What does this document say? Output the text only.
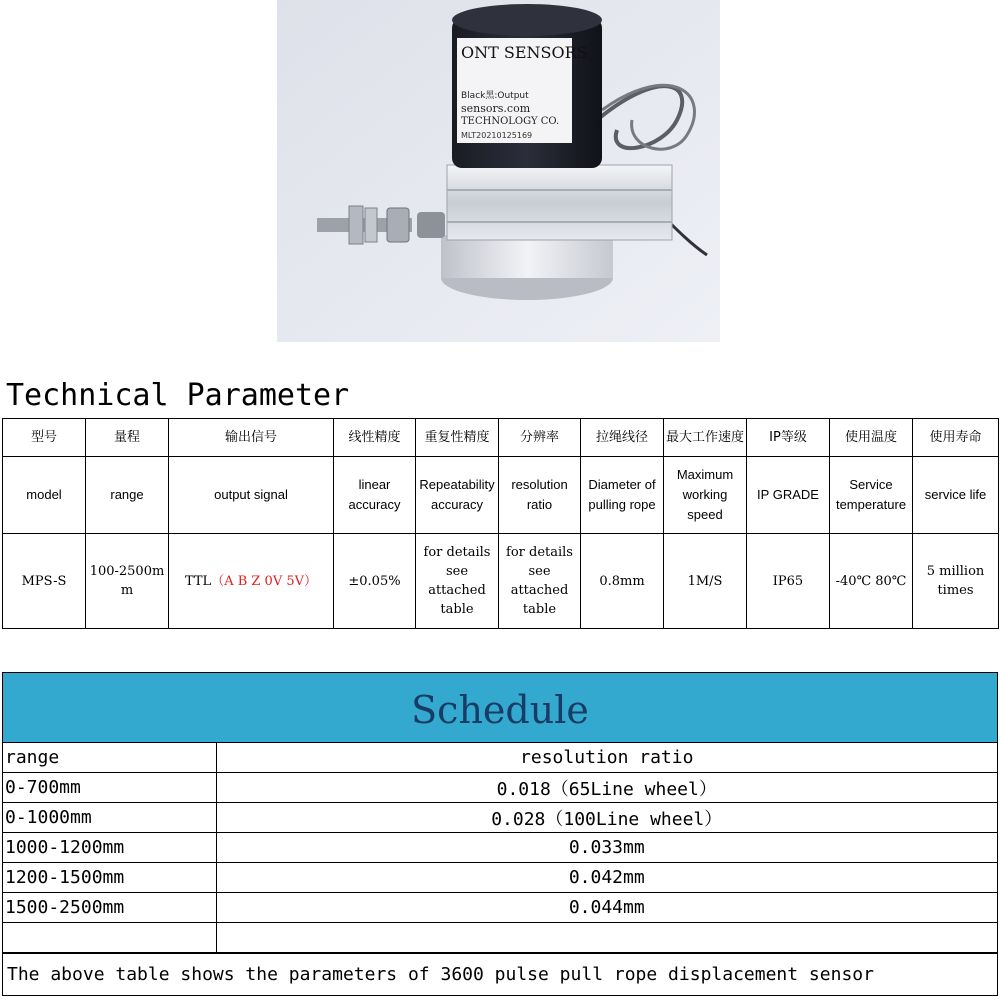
ONT SENSORS
Black黑:Output
sensors.com
TECHNOLOGY CO.
MLT20210125169
Technical Parameter
型号	量程	输出信号	线性精度	重复性精度	分辨率	拉绳线径	最大工作速度	IP等级	使用温度	使用寿命
model	range	output signal	linear accuracy	Repeatability accuracy	resolution ratio	Diameter of pulling rope	Maximum working speed	IP GRADE	Service temperature	service life
MPS-S	100-2500mm	TTL（A B Z 0V 5V）	±0.05%	for details see attached table	for details see attached table	0.8mm	1M/S	IP65	-40℃ 80℃	5 million times
Schedule
range	resolution ratio
0-700mm	0.018（65Line wheel）
0-1000mm	0.028（100Line wheel）
1000-1200mm	0.033mm
1200-1500mm	0.042mm
1500-2500mm	0.044mm

The above table shows the parameters of 3600 pulse pull rope displacement sensor
